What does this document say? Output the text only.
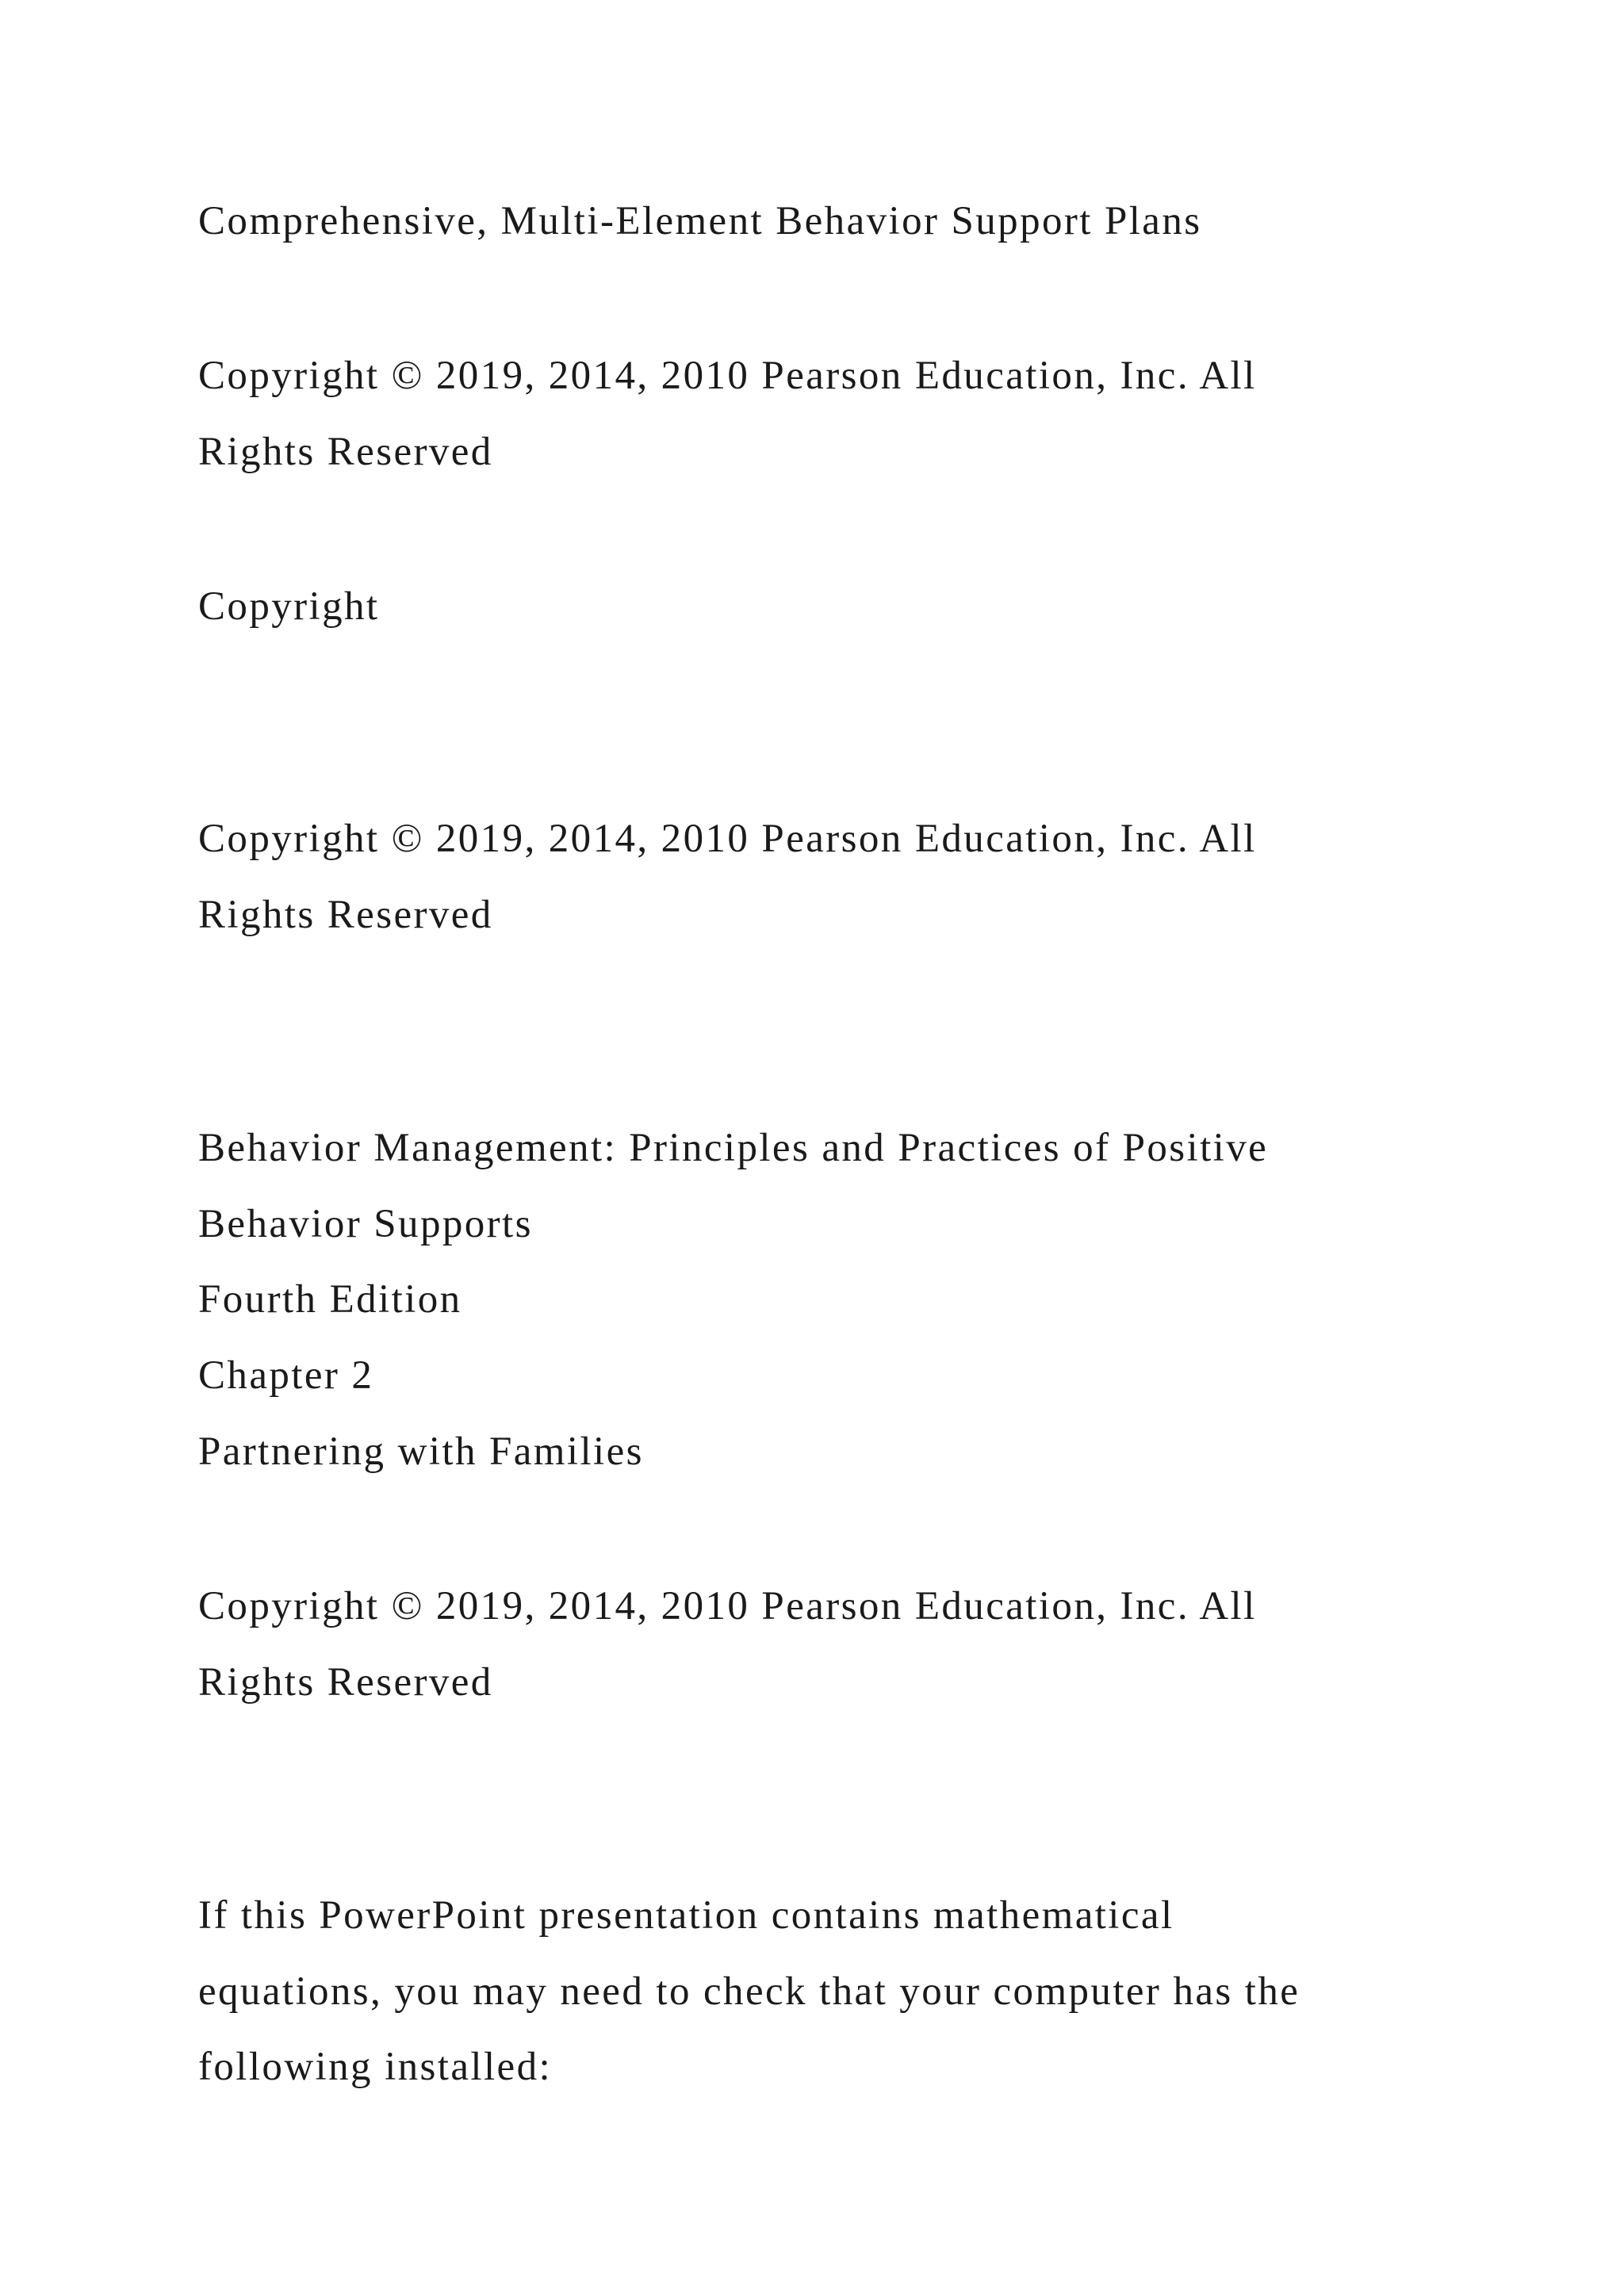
Comprehensive, Multi-Element Behavior Support Plans
Copyright © 2019, 2014, 2010 Pearson Education, Inc. All
Rights Reserved
Copyright
Copyright © 2019, 2014, 2010 Pearson Education, Inc. All
Rights Reserved
Behavior Management: Principles and Practices of Positive
Behavior Supports
Fourth Edition
Chapter 2
Partnering with Families
Copyright © 2019, 2014, 2010 Pearson Education, Inc. All
Rights Reserved
If this PowerPoint presentation contains mathematical
equations, you may need to check that your computer has the
following installed:
